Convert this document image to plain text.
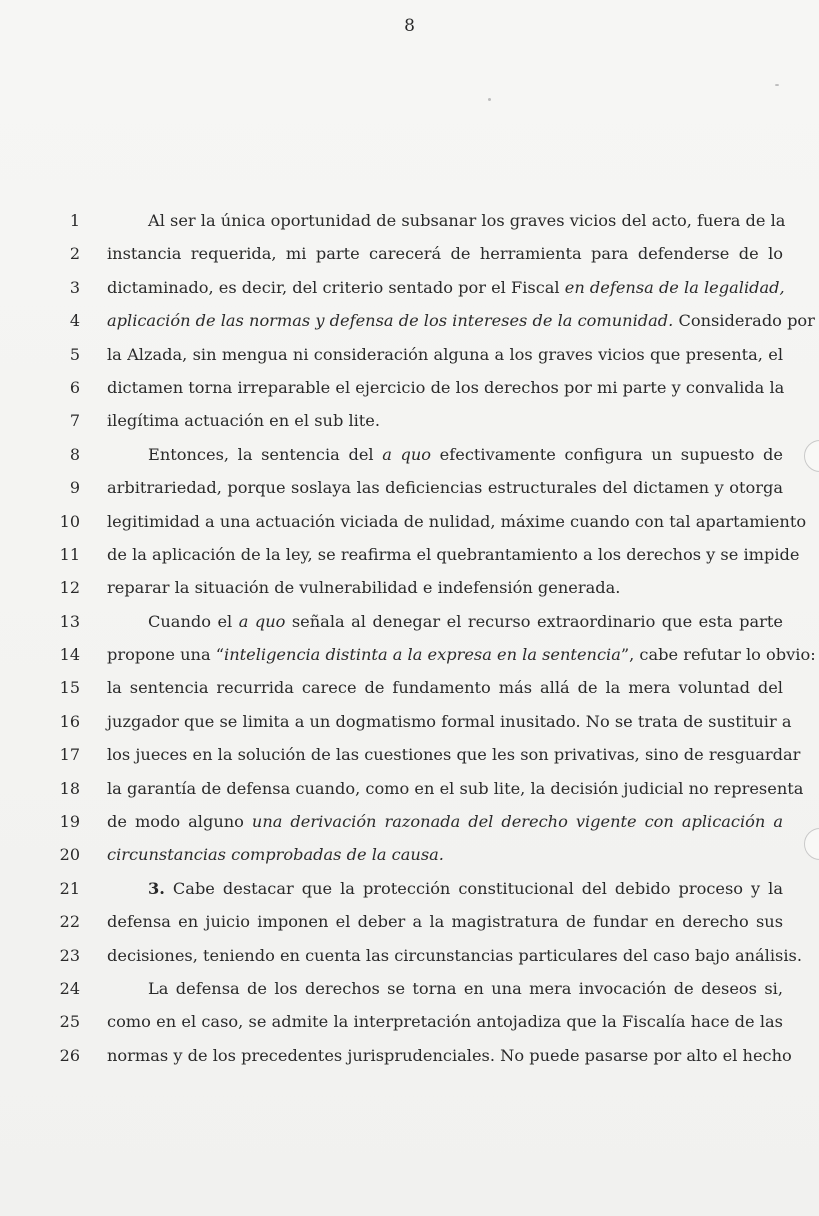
8
1	Al ser la única oportunidad de subsanar los graves vicios del acto, fuera de la
2 instancia requerida, mi parte carecerá de herramienta para defenderse de lo
3 dictaminado, es decir, del criterio sentado por el Fiscal en defensa de la legalidad,
4 aplicación de las normas y defensa de los intereses de la comunidad. Considerado por
5 la Alzada, sin mengua ni consideración alguna a los graves vicios que presenta, el
6 dictamen torna irreparable el ejercicio de los derechos por mi parte y convalida la
7 ilegítima actuación en el sub lite.
8	Entonces, la sentencia del a quo efectivamente configura un supuesto de
9 arbitrariedad, porque soslaya las deficiencias estructurales del dictamen y otorga
10 legitimidad a una actuación viciada de nulidad, máxime cuando con tal apartamiento
11 de la aplicación de la ley, se reafirma el quebrantamiento a los derechos y se impide
12 reparar la situación de vulnerabilidad e indefensión generada.
13	Cuando el a quo señala al denegar el recurso extraordinario que esta parte
14 propone una “inteligencia distinta a la expresa en la sentencia”, cabe refutar lo obvio:
15 la sentencia recurrida carece de fundamento más allá de la mera voluntad del
16 juzgador que se limita a un dogmatismo formal inusitado. No se trata de sustituir a
17 los jueces en la solución de las cuestiones que les son privativas, sino de resguardar
18 la garantía de defensa cuando, como en el sub lite, la decisión judicial no representa
19 de modo alguno una derivación razonada del derecho vigente con aplicación a
20 circunstancias comprobadas de la causa.
21	3. Cabe destacar que la protección constitucional del debido proceso y la
22 defensa en juicio imponen el deber a la magistratura de fundar en derecho sus
23 decisiones, teniendo en cuenta las circunstancias particulares del caso bajo análisis.
24	La defensa de los derechos se torna en una mera invocación de deseos si,
25 como en el caso, se admite la interpretación antojadiza que la Fiscalía hace de las
26 normas y de los precedentes jurisprudenciales. No puede pasarse por alto el hecho
